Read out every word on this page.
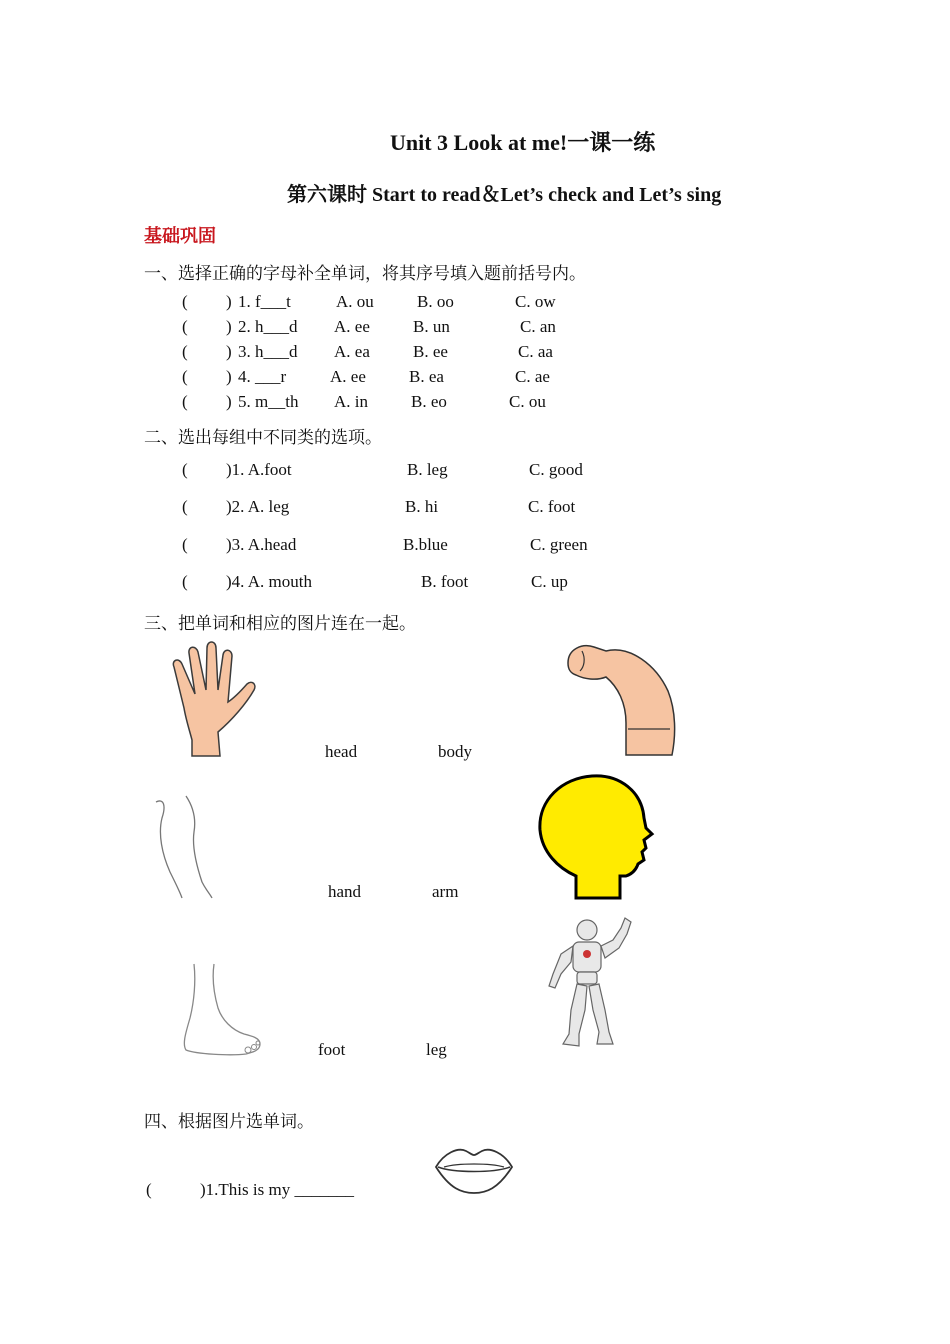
Unit 3 Look at me!一课一练
第六课时 Start to read＆Let’s check and Let’s sing
基础巩固
一、选择正确的字母补全单词，将其序号填入题前括号内。
( ) 1. f___t	A. ou	B. oo	C. ow
( ) 2. h___d A. ee	B. un	C. an
( ) 3. h___d A. ea	B. ee	C. aa
( ) 4. ___r	A. ee	B. ea	C. ae
( ) 5. m__th A. in	B. eo	C. ou
二、选出每组中不同类的选项。
( )1. A.foot	B. leg	C. good
( )2. A. leg	B. hi	C. foot
( )3. A.head	B.blue	C. green
( )4. A. mouth	B. foot	C. up
三、把单词和相应的图片连在一起。
head	body
hand	arm
foot	leg
四、根据图片选单词。
(	)1.This is my _______
